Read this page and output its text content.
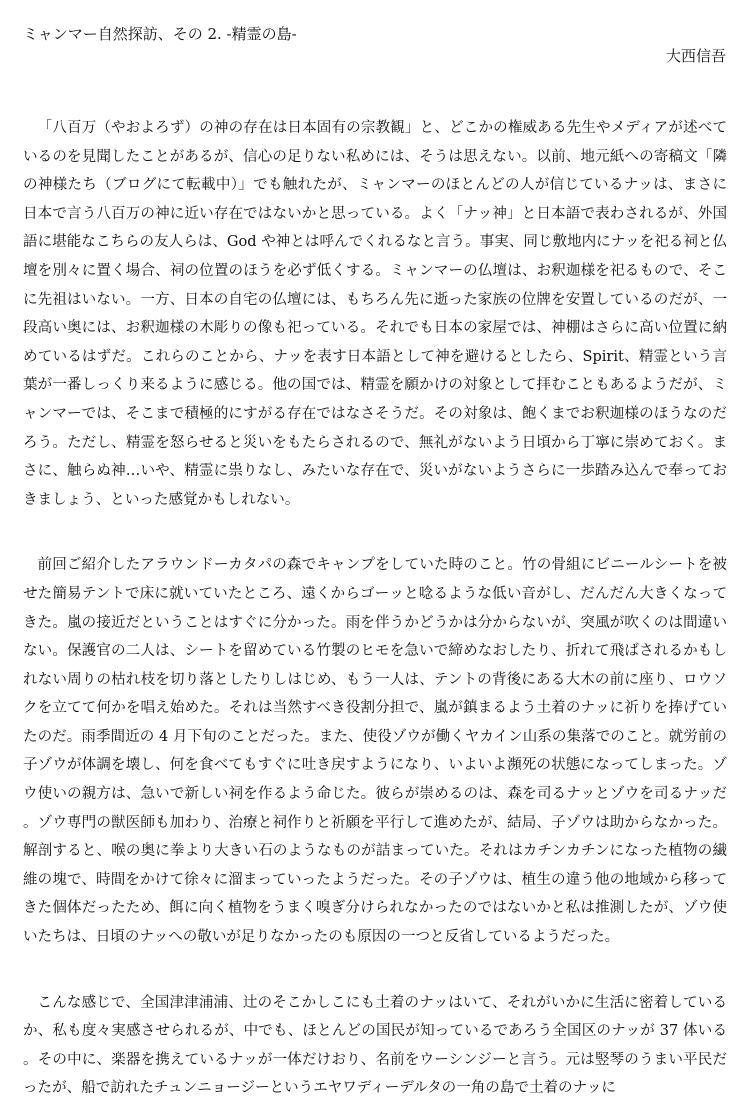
ミャンマー自然探訪、その 2. -精霊の島-
大西信吾

「八百万（やおよろず）の神の存在は日本固有の宗教観」と、どこかの権威ある先生やメディアが述べているのを見聞したことがあるが、信心の足りない私めには、そうは思えない。以前、地元紙への寄稿文「隣の神様たち（ブログにて転載中）」でも触れたが、ミャンマーのほとんどの人が信じているナッは、まさに日本で言う八百万の神に近い存在ではないかと思っている。よく「ナッ神」と日本語で表わされるが、外国語に堪能なこちらの友人らは、God や神とは呼んでくれるなと言う。事実、同じ敷地内にナッを祀る祠と仏壇を別々に置く場合、祠の位置のほうを必ず低くする。ミャンマーの仏壇は、お釈迦様を祀るもので、そこに先祖はいない。一方、日本の自宅の仏壇には、もちろん先に逝った家族の位牌を安置しているのだが、一段高い奥には、お釈迦様の木彫りの像も祀っている。それでも日本の家屋では、神棚はさらに高い位置に納めているはずだ。これらのことから、ナッを表す日本語として神を避けるとしたら、Spirit、精霊という言葉が一番しっくり来るように感じる。他の国では、精霊を願かけの対象として拝むこともあるようだが、ミャンマーでは、そこまで積極的にすがる存在ではなさそうだ。その対象は、飽くまでお釈迦様のほうなのだろう。ただし、精霊を怒らせると災いをもたらされるので、無礼がないよう日頃から丁寧に崇めておく。まさに、触らぬ神…いや、精霊に祟りなし、みたいな存在で、災いがないようさらに一歩踏み込んで奉っておきましょう、といった感覚かもしれない。

前回ご紹介したアラウンドーカタパの森でキャンプをしていた時のこと。竹の骨組にビニールシートを被せた簡易テントで床に就いていたところ、遠くからゴーッと唸るような低い音がし、だんだん大きくなってきた。嵐の接近だということはすぐに分かった。雨を伴うかどうかは分からないが、突風が吹くのは間違いない。保護官の二人は、シートを留めている竹製のヒモを急いで締めなおしたり、折れて飛ばされるかもしれない周りの枯れ枝を切り落としたりしはじめ、もう一人は、テントの背後にある大木の前に座り、ロウソクを立てて何かを唱え始めた。それは当然すべき役割分担で、嵐が鎮まるよう土着のナッに祈りを捧げていたのだ。雨季間近の 4 月下旬のことだった。また、使役ゾウが働くヤカイン山系の集落でのこと。就労前の子ゾウが体調を壊し、何を食べてもすぐに吐き戻すようになり、いよいよ瀕死の状態になってしまった。ゾウ使いの親方は、急いで新しい祠を作るよう命じた。彼らが崇めるのは、森を司るナッとゾウを司るナッだ。ゾウ専門の獣医師も加わり、治療と祠作りと祈願を平行して進めたが、結局、子ゾウは助からなかった。解剖すると、喉の奥に拳より大きい石のようなものが詰まっていた。それはカチンカチンになった植物の繊維の塊で、時間をかけて徐々に溜まっていったようだった。その子ゾウは、植生の違う他の地域から移ってきた個体だったため、餌に向く植物をうまく嗅ぎ分けられなかったのではないかと私は推測したが、ゾウ使いたちは、日頃のナッへの敬いが足りなかったのも原因の一つと反省しているようだった。

こんな感じで、全国津津浦浦、辻のそこかしこにも土着のナッはいて、それがいかに生活に密着しているか、私も度々実感させられるが、中でも、ほとんどの国民が知っているであろう全国区のナッが 37 体いる。その中に、楽器を携えているナッが一体だけおり、名前をウーシンジーと言う。元は竪琴のうまい平民だったが、船で訪れたチュンニョージーというエヤワディーデルタの一角の島で土着のナッに
